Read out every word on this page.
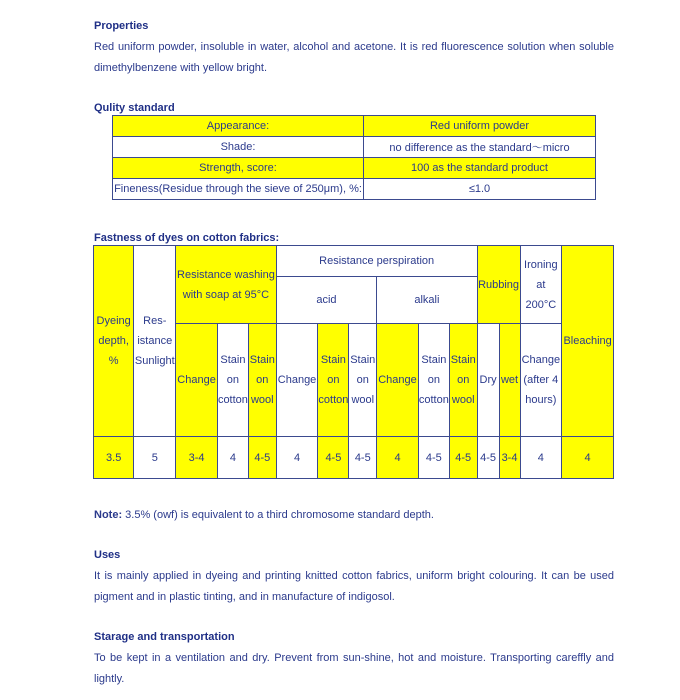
Properties
Red uniform powder, insoluble in water, alcohol and acetone. It is red fluorescence solution when soluble dimethylbenzene with yellow bright.
Qulity standard
Appearance:	Red uniform powder
Shade:	no difference as the standard～micro
Strength, score:	100 as the standard product
Fineness(Residue through the sieve of 250μm), %:	≤1.0
Fastness of dyes on cotton fabrics:
Dyeing depth, %	Res- istance Sunlight	Resistance washing with soap at 95°C			Resistance perspiration						Rubbing		Ironing at 200°C	Bleaching
					acid			alkali						
		Change	Stain on cotton	Stain on wool	Change	Stain on cotton	Stain on wool	Change	Stain on cotton	Stain on wool	Dry	wet	Change (after 4 hours)	
3.5	5	3-4	4	4-5	4	4-5	4-5	4	4-5	4-5	4-5	3-4	4	4
Note: 3.5% (owf) is equivalent to a third chromosome standard depth.
Uses
It is mainly applied in dyeing and printing knitted cotton fabrics, uniform bright colouring. It can be used pigment and in plastic tinting, and in manufacture of indigosol.
Starage and transportation
To be kept in a ventilation and dry. Prevent from sun-shine, hot and moisture. Transporting careffly and lightly.
